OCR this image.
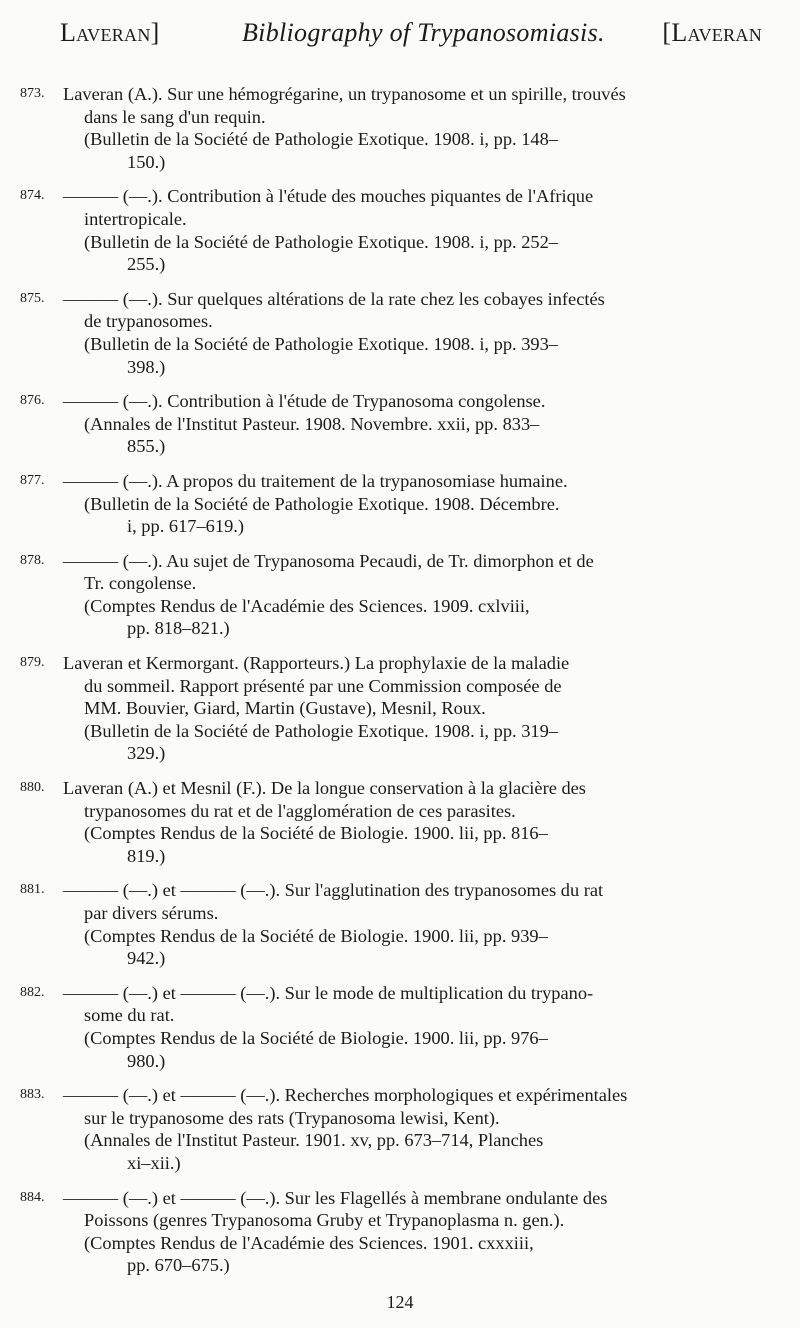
Laveran]	Bibliography of Trypanosomiasis. [Laveran
873. Laveran (A.). Sur une hémogrégarine, un trypanosome et un spirille, trouvés
dans le sang d'un requin.
(Bulletin de la Société de Pathologie Exotique. 1908. i, pp. 148–
150.)
874. ——— (—.). Contribution à l'étude des mouches piquantes de l'Afrique
intertropicale.
(Bulletin de la Société de Pathologie Exotique. 1908. i, pp. 252–
255.)
875. ——— (—.). Sur quelques altérations de la rate chez les cobayes infectés
de trypanosomes.
(Bulletin de la Société de Pathologie Exotique. 1908. i, pp. 393–
398.)
876. ——— (—.). Contribution à l'étude de Trypanosoma congolense.
(Annales de l'Institut Pasteur. 1908. Novembre. xxii, pp. 833–
855.)
877. ——— (—.). A propos du traitement de la trypanosomiase humaine.
(Bulletin de la Société de Pathologie Exotique. 1908. Décembre.
i, pp. 617–619.)
878. ——— (—.). Au sujet de Trypanosoma Pecaudi, de Tr. dimorphon et de
Tr. congolense.
(Comptes Rendus de l'Académie des Sciences. 1909. cxlviii,
pp. 818–821.)
879. Laveran et Kermorgant. (Rapporteurs.) La prophylaxie de la maladie
du sommeil. Rapport présenté par une Commission composée de
MM. Bouvier, Giard, Martin (Gustave), Mesnil, Roux.
(Bulletin de la Société de Pathologie Exotique. 1908. i, pp. 319–
329.)
880. Laveran (A.) et Mesnil (F.). De la longue conservation à la glacière des
trypanosomes du rat et de l'agglomération de ces parasites.
(Comptes Rendus de la Société de Biologie. 1900. lii, pp. 816–
819.)
881. ——— (—.) et ——— (—.). Sur l'agglutination des trypanosomes du rat
par divers sérums.
(Comptes Rendus de la Société de Biologie. 1900. lii, pp. 939–
942.)
882. ——— (—.) et ——— (—.). Sur le mode de multiplication du trypano-
some du rat.
(Comptes Rendus de la Société de Biologie. 1900. lii, pp. 976–
980.)
883. ——— (—.) et ——— (—.). Recherches morphologiques et expérimentales
sur le trypanosome des rats (Trypanosoma lewisi, Kent).
(Annales de l'Institut Pasteur. 1901. xv, pp. 673–714, Planches
xi–xii.)
884. ——— (—.) et ——— (—.). Sur les Flagellés à membrane ondulante des
Poissons (genres Trypanosoma Gruby et Trypanoplasma n. gen.).
(Comptes Rendus de l'Académie des Sciences. 1901. cxxxiii,
pp. 670–675.)
124
